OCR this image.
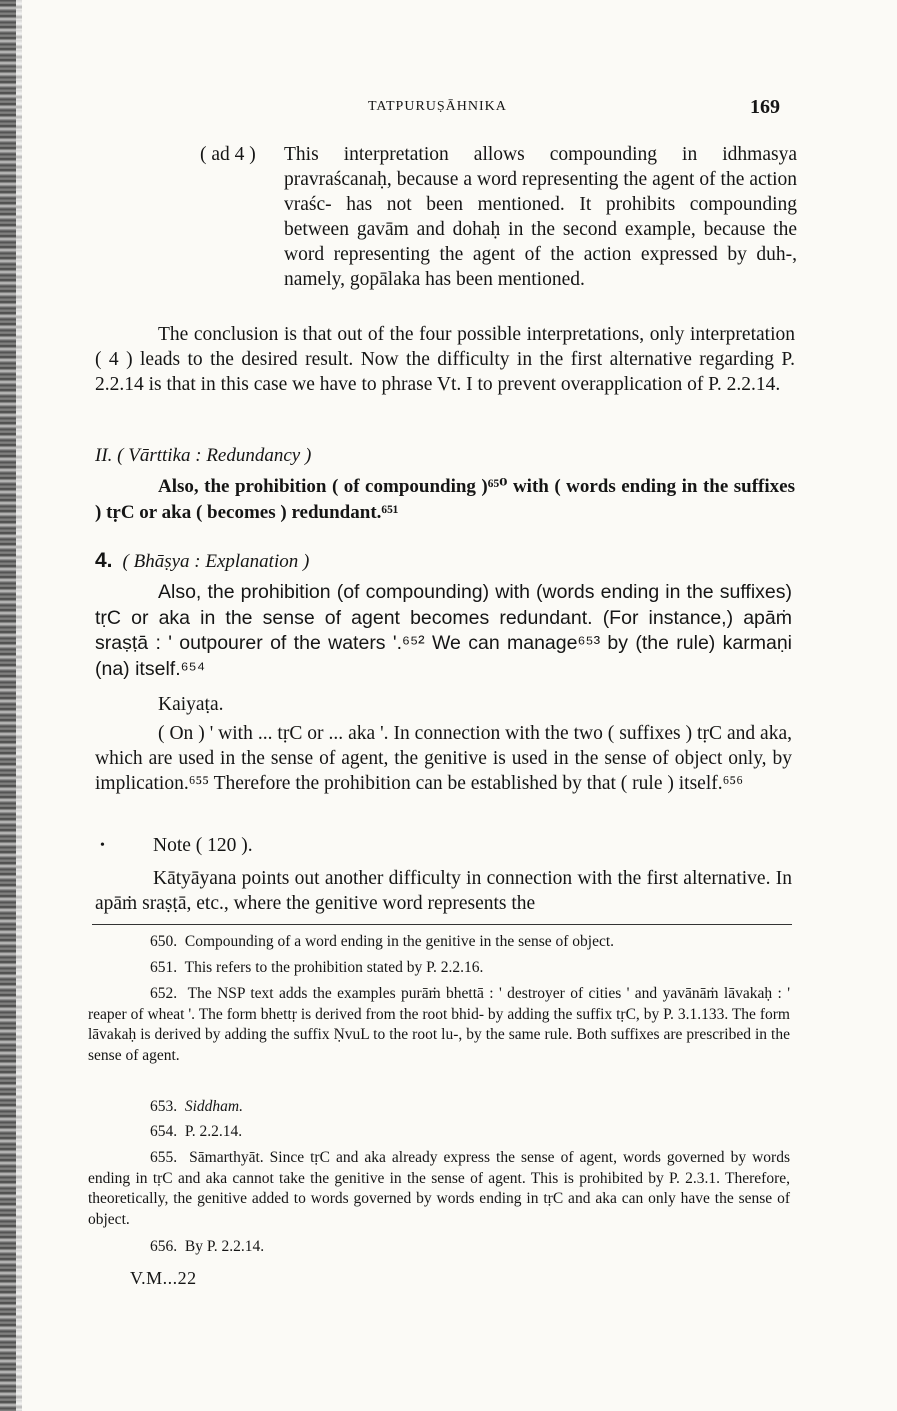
TATPURUṢĀHNIKA	169
( ad 4 )	This interpretation allows compounding in idhmasya pravraścanaḥ, because a word representing the agent of the action vraśc- has not been mentioned. It prohibits compounding between gavām and dohaḥ in the second example, because the word representing the agent of the action expressed by duh-, namely, gopālaka has been mentioned.
The conclusion is that out of the four possible interpretations, only interpretation ( 4 ) leads to the desired result. Now the difficulty in the first alternative regarding P. 2.2.14 is that in this case we have to phrase Vt. I to prevent overapplication of P. 2.2.14.
II. ( Vārttika : Redundancy )
Also, the prohibition ( of compounding )⁶⁵⁰ with ( words ending in the suffixes ) tṛC or aka ( becomes ) redundant.⁶⁵¹
4. ( Bhāṣya : Explanation )
Also, the prohibition (of compounding) with (words ending in the suffixes) tṛC or aka in the sense of agent becomes redundant. (For instance,) apāṁ sraṣṭā : ' outpourer of the waters '.⁶⁵² We can manage⁶⁵³ by (the rule) karmaṇi (na) itself.⁶⁵⁴
Kaiyaṭa.
( On ) ' with ... tṛC or ... aka '. In connection with the two ( suffixes ) tṛC and aka, which are used in the sense of agent, the genitive is used in the sense of object only, by implication.⁶⁵⁵ Therefore the prohibition can be established by that ( rule ) itself.⁶⁵⁶
• Note ( 120 ).
Kātyāyana points out another difficulty in connection with the first alternative. In apāṁ sraṣṭā, etc., where the genitive word represents the
650. Compounding of a word ending in the genitive in the sense of object.
651. This refers to the prohibition stated by P. 2.2.16.
652. The NSP text adds the examples purāṁ bhettā : ' destroyer of cities ' and yavānāṁ lāvakaḥ : ' reaper of wheat '. The form bhettṛ is derived from the root bhid- by adding the suffix tṛC, by P. 3.1.133. The form lāvakaḥ is derived by adding the suffix ṆvuL to the root lu-, by the same rule. Both suffixes are prescribed in the sense of agent.
653. Siddham.
654. P. 2.2.14.
655. Sāmarthyāt. Since tṛC and aka already express the sense of agent, words governed by words ending in tṛC and aka cannot take the genitive in the sense of agent. This is prohibited by P. 2.3.1. Therefore, theoretically, the genitive added to words governed by words ending in tṛC and aka can only have the sense of object.
656. By P. 2.2.14.
V.M...22
